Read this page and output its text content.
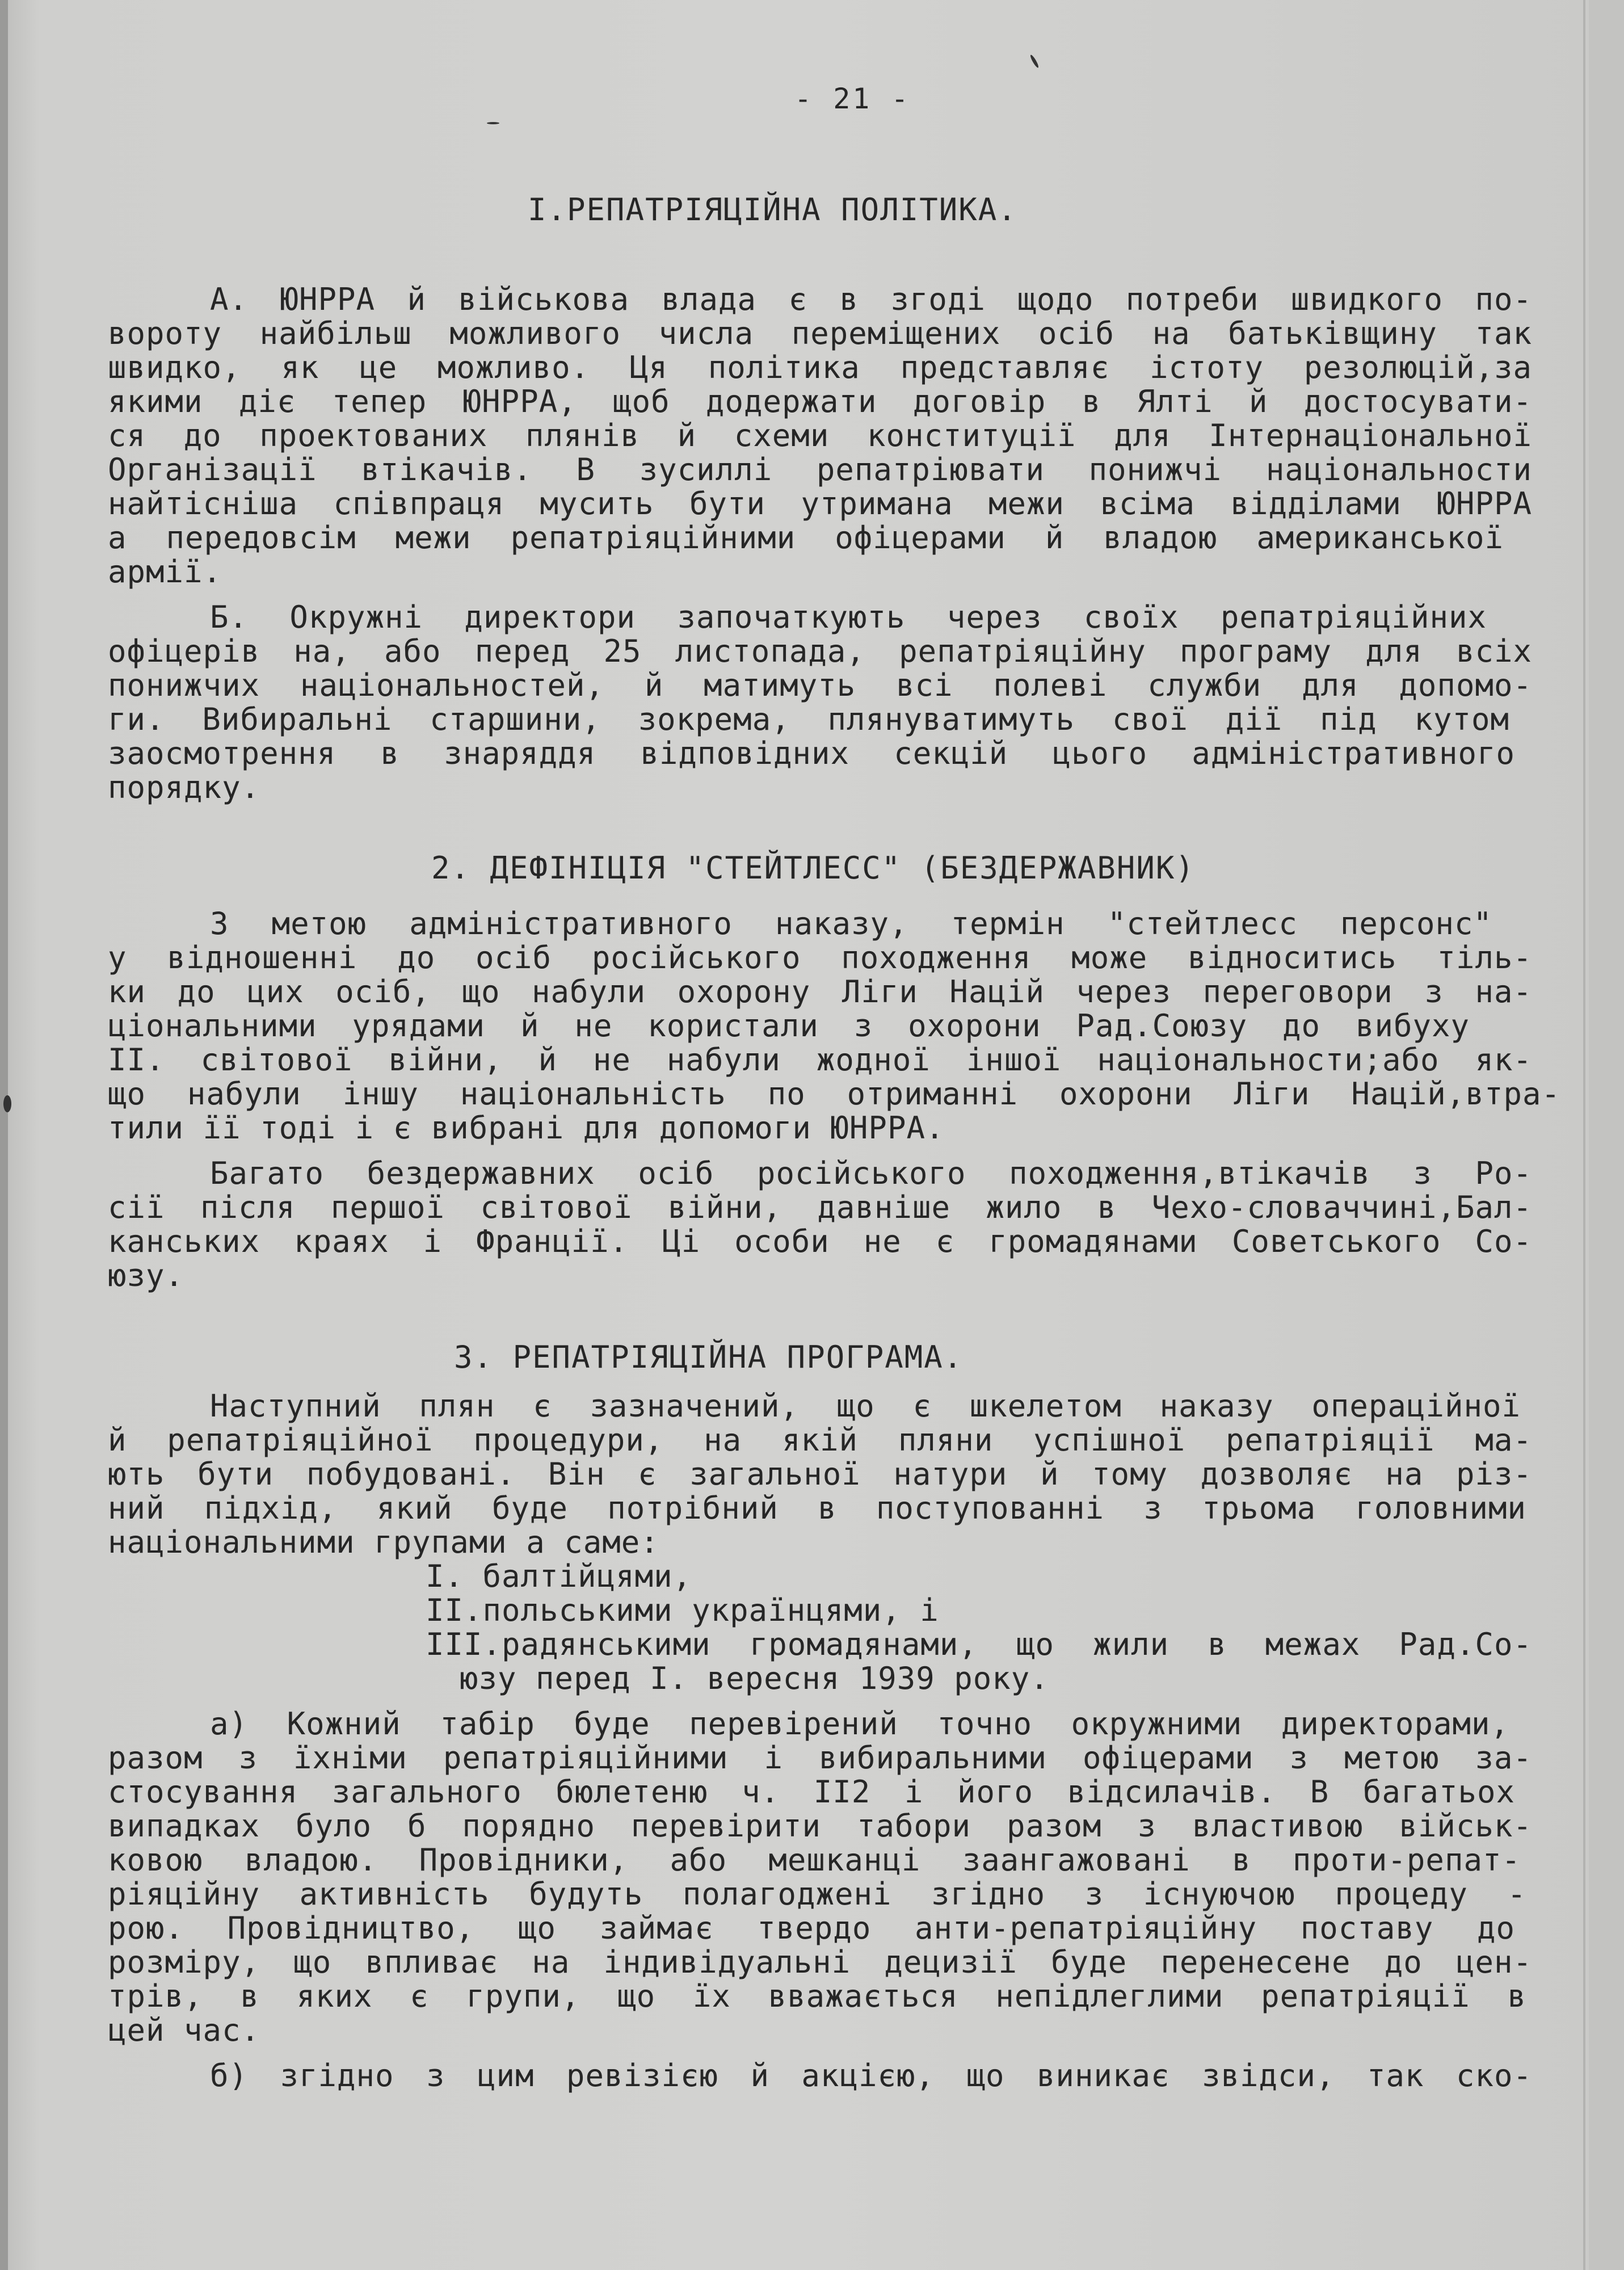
- 21 -
I.РЕПАТРІЯЦІЙНА ПОЛІТИКА.
А. ЮНРРА й військова влада є в згоді щодо потреби швидкого по-
вороту найбільш можливого числа переміщених осіб на батьківщину так
швидко, як це можливо. Ця політика представляє істоту резолюцій,за
якими діє тепер ЮНРРА, щоб додержати договір в Ялті й достосувати-
ся до проектованих плянів й схеми конституції для Інтернаціональної
Організації втікачів. В зусиллі репатріювати понижчі національности
найтісніша співпраця мусить бути утримана межи всіма відділами ЮНРРА
а передовсім межи репатріяційними офіцерами й владою американської
армії.
Б. Окружні директори започаткують через своїх репатріяційних
офіцерів на, або перед 25 листопада, репатріяційну програму для всіх
понижчих національностей, й матимуть всі полеві служби для допомо-
ги. Вибиральні старшини, зокрема, плянуватимуть свої дії під кутом
заосмотрення в знаряддя відповідних секцій цього адміністративного
порядку.
2. ДЕФІНІЦІЯ "СТЕЙТЛЕСС" (БЕЗДЕРЖАВНИК)
З метою адміністративного наказу, термін "стейтлесс персонс"
у відношенні до осіб російського походження може відноситись тіль-
ки до цих осіб, що набули охорону Ліги Націй через переговори з на-
ціональними урядами й не користали з охорони Рад.Союзу до вибуху
II. світової війни, й не набули жодної іншої національности;або як-
що набули іншу національність по отриманні охорони Ліги Націй,втра-
тили її тоді і є вибрані для допомоги ЮНРРА.
Багато бездержавних осіб російського походження,втікачів з Ро-
сії після першої світової війни, давніше жило в Чехо-словаччині,Бал-
канських краях і Франції. Ці особи не є громадянами Советського Со-
юзу.
3. РЕПАТРІЯЦІЙНА ПРОГРАМА.
Наступний плян є зазначений, що є шкелетом наказу операційної
й репатріяційної процедури, на якій пляни успішної репатріяції ма-
ють бути побудовані. Він є загальної натури й тому дозволяє на різ-
ний підхід, який буде потрібний в поступованні з трьома головними
національними групами а саме:
I. балтійцями,
II.польськими українцями, і
III.радянськими громадянами, що жили в межах Рад.Со-
юзу перед I. вересня 1939 року.
а) Кожний табір буде перевірений точно окружними директорами,
разом з їхніми репатріяційними і вибиральними офіцерами з метою за-
стосування загального бюлетеню ч. II2 і його відсилачів. В багатьох
випадках було б порядно перевірити табори разом з властивою військ-
ковою владою. Провідники, або мешканці заангажовані в проти-репат-
ріяційну активність будуть полагоджені згідно з існуючою процеду -
рою. Провідництво, що займає твердо анти-репатріяційну поставу до
розміру, що впливає на індивідуальні децизії буде перенесене до цен-
трів, в яких є групи, що їх вважається непідлеглими репатріяції в
цей час.
б) згідно з цим ревізією й акцією, що виникає звідси, так ско-
